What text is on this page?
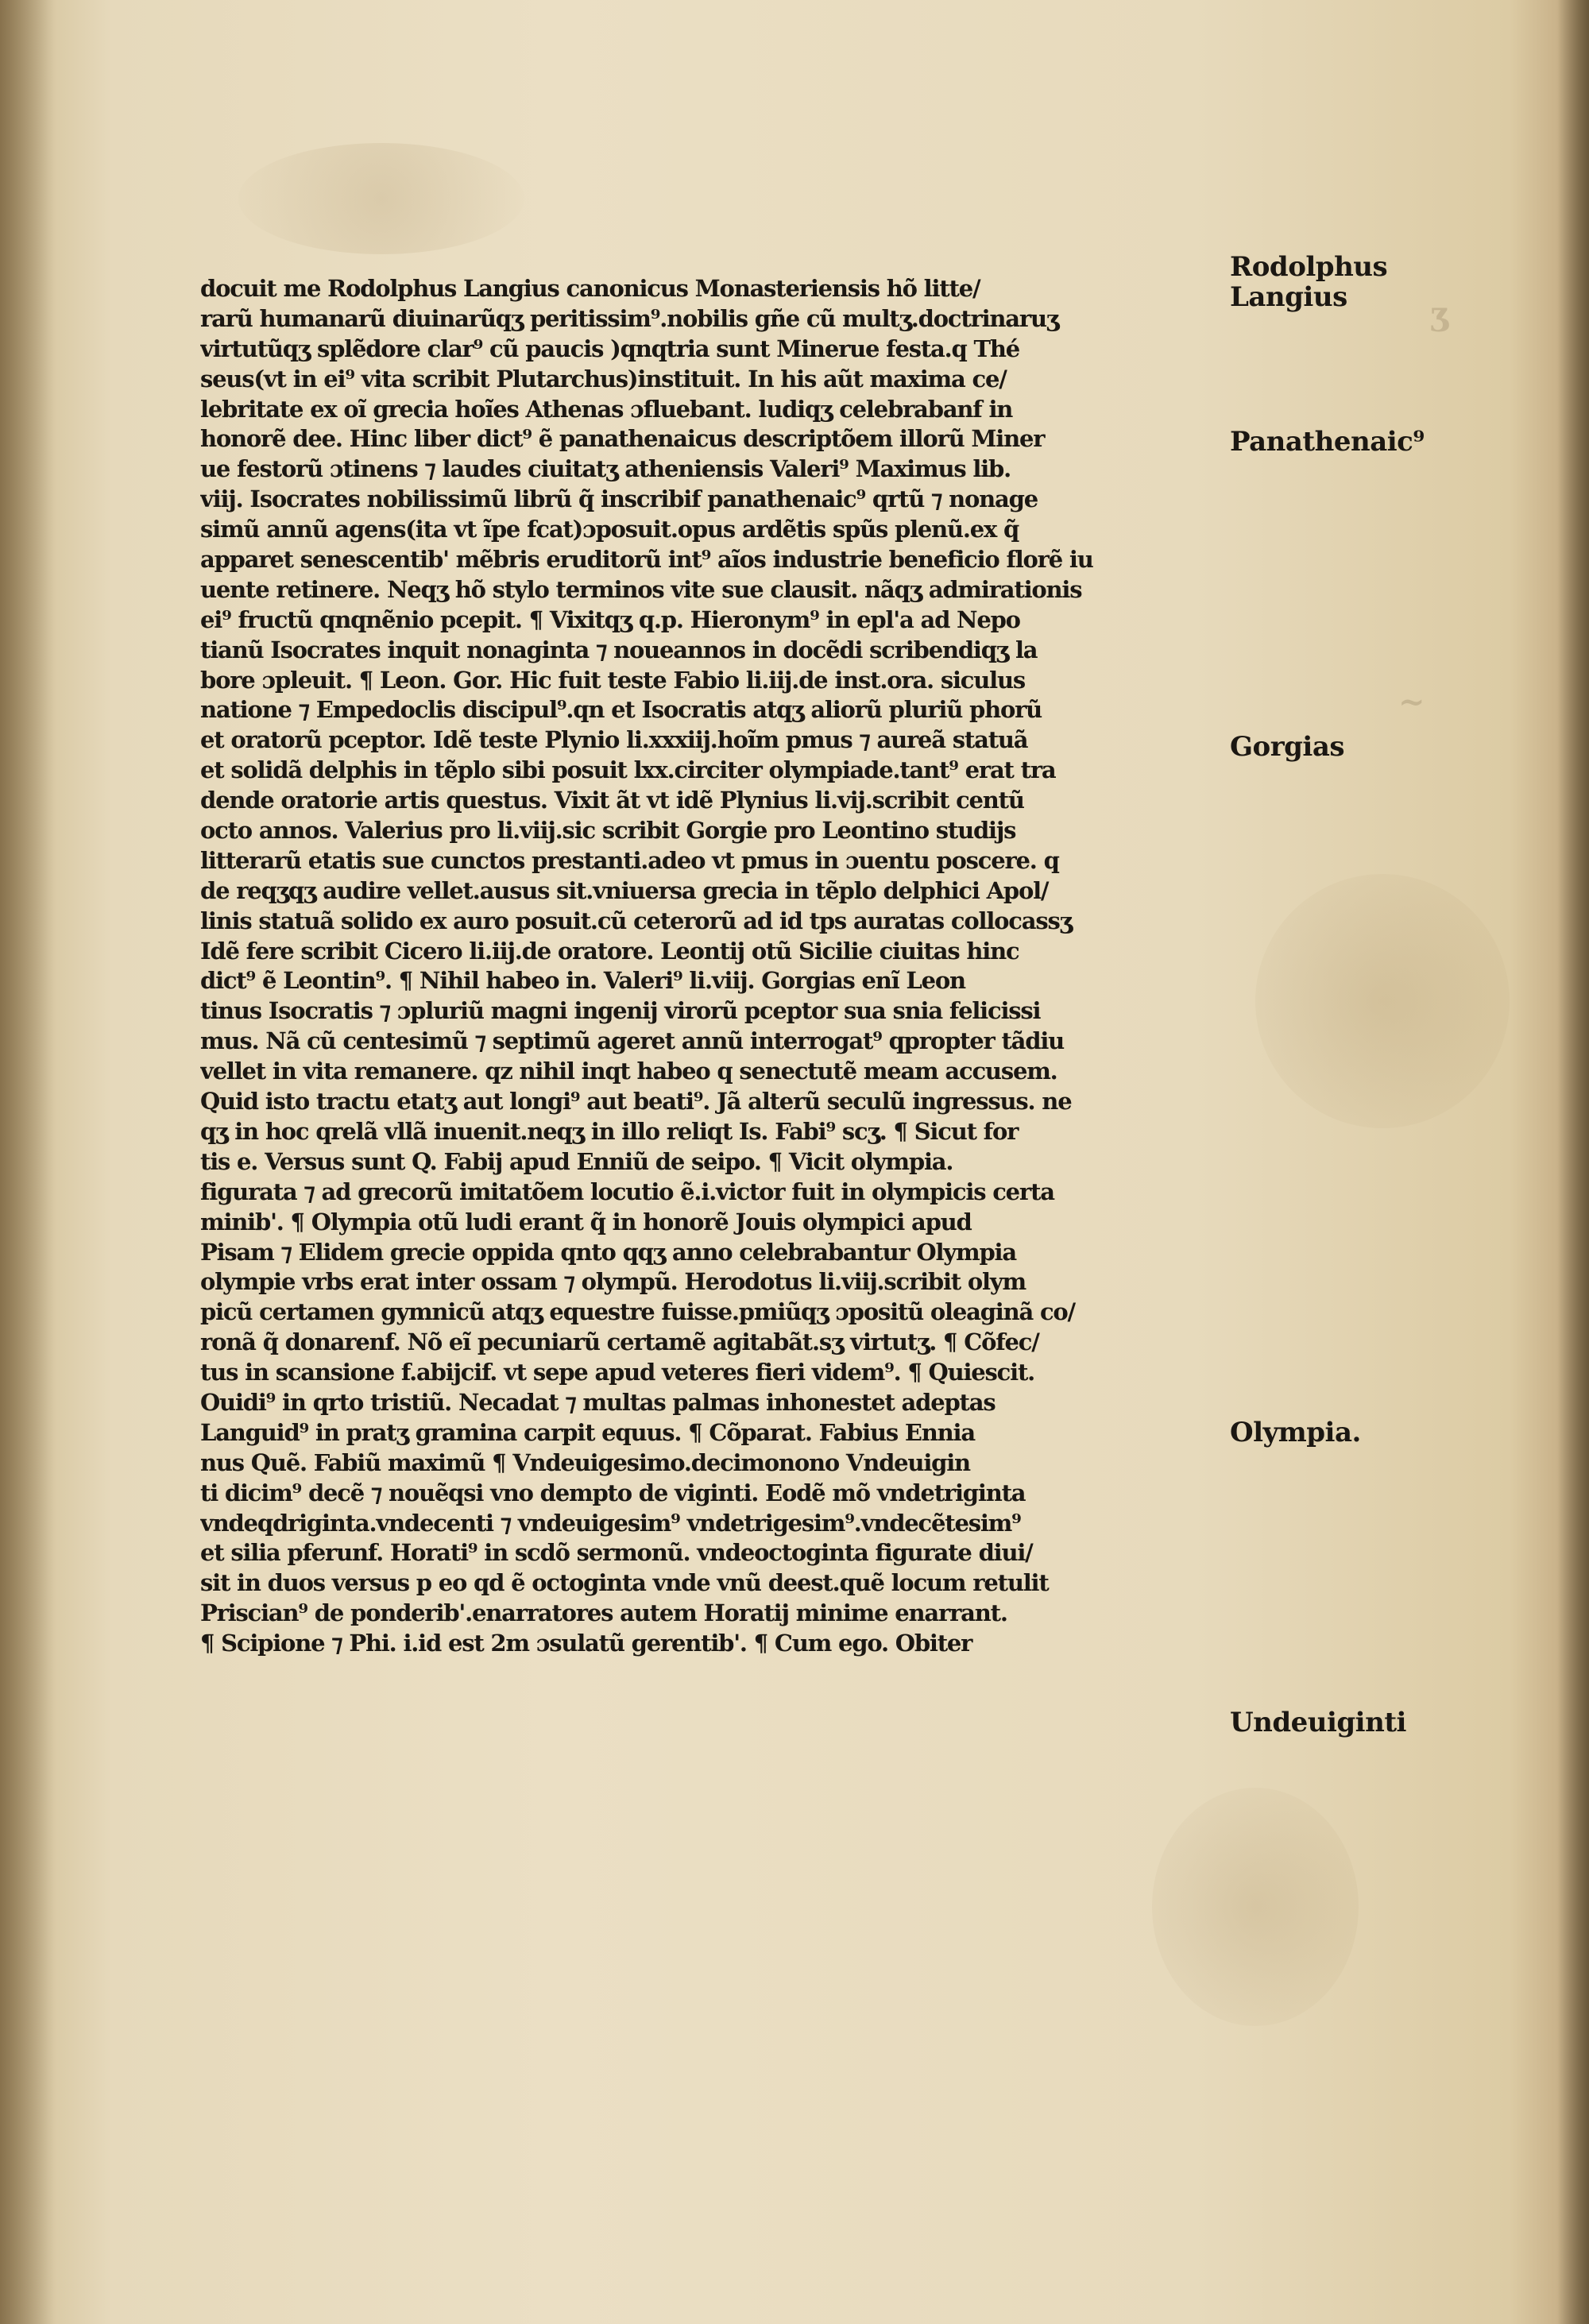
Ʒ
~
docuit me Rodolphus Langius canonicus Monasteriensis hõ litte/
rarũ humanarũ diuinarũqʒ peritissim⁹.nobilis gñe cũ multʒ.doctrinaruʒ
virtutũqʒ splẽdore clar⁹ cũ paucis )qnqtria sunt Minerue festa.q Thé
seus(vt in ei⁹ vita scribit Plutarchus)instituit. In his aũt maxima ce/
lebritate ex oĩ grecia hoĩes Athenas ɔfluebant. ludiqʒ celebrabanf in
honorẽ dee. Hinc liber dict⁹ ẽ panathenaicus descriptõem illorũ Miner
ue festorũ ɔtinens ⁊ laudes ciuitatʒ atheniensis Valeri⁹ Maximus lib.
viij. Isocrates nobilissimũ librũ q̃ inscribif panathenaic⁹ qrtũ ⁊ nonage
simũ annũ agens(ita vt ĩpe fcat)ɔposuit.opus ardẽtis spũs plenũ.ex q̃
apparet senescentib' mẽbris eruditorũ int⁹ aĩos industrie beneficio florẽ iu
uente retinere. Neqʒ hõ stylo terminos vite sue clausit. nãqʒ admirationis
ei⁹ fructũ qnqnẽnio pcepit. ¶ Vixitqʒ q.p. Hieronym⁹ in epl'a ad Nepo
tianũ Isocrates inquit nonaginta ⁊ noueannos in docẽdi scribendiqʒ la
bore ɔpleuit. ¶ Leon. Gor. Hic fuit teste Fabio li.iij.de inst.ora. siculus
natione ⁊ Empedoclis discipul⁹.qn et Isocratis atqʒ aliorũ pluriũ phorũ
et oratorũ pceptor. Idẽ teste Plynio li.xxxiij.hoĩm pmus ⁊ aureã statuã
et solidã delphis in tẽplo sibi posuit lxx.circiter olympiade.tant⁹ erat tra
dende oratorie artis questus. Vixit ãt vt idẽ Plynius li.vij.scribit centũ
octo annos. Valerius pro li.viij.sic scribit Gorgie pro Leontino studijs
litterarũ etatis sue cunctos prestanti.adeo vt pmus in ɔuentu poscere. q
de reqʒqʒ audire vellet.ausus sit.vniuersa grecia in tẽplo delphici Apol/
linis statuã solido ex auro posuit.cũ ceterorũ ad id tps auratas collocassʒ
Idẽ fere scribit Cicero li.iij.de oratore. Leontij otũ Sicilie ciuitas hinc
dict⁹ ẽ Leontin⁹. ¶ Nihil habeo in. Valeri⁹ li.viij. Gorgias enĩ Leon
tinus Isocratis ⁊ ɔpluriũ magni ingenij virorũ pceptor sua snia felicissi
mus. Nã cũ centesimũ ⁊ septimũ ageret annũ interrogat⁹ qpropter tãdiu
vellet in vita remanere. qz nihil inqt habeo q senectutẽ meam accusem.
Quid isto tractu etatʒ aut longi⁹ aut beati⁹. Jã alterũ seculũ ingressus. ne
qʒ in hoc qrelã vllã inuenit.neqʒ in illo reliqt Is. Fabi⁹ scʒ. ¶ Sicut for
tis e. Versus sunt Q. Fabij apud Enniũ de seipo. ¶ Vicit olympia.
figurata ⁊ ad grecorũ imitatõem locutio ẽ.i.victor fuit in olympicis certa
minib'. ¶ Olympia otũ ludi erant q̃ in honorẽ Jouis olympici apud
Pisam ⁊ Elidem grecie oppida qnto qqʒ anno celebrabantur Olympia
olympie vrbs erat inter ossam ⁊ olympũ. Herodotus li.viij.scribit olym
picũ certamen gymnicũ atqʒ equestre fuisse.pmiũqʒ ɔpositũ oleaginã co/
ronã q̃ donarenf. Nõ eĩ pecuniarũ certamẽ agitabãt.sʒ virtutʒ. ¶ Cõfec/
tus in scansione f.abijcif. vt sepe apud veteres fieri videm⁹. ¶ Quiescit.
Ouidi⁹ in qrto tristiũ. Necadat ⁊ multas palmas inhonestet adeptas
Languid⁹ in pratʒ gramina carpit equus. ¶ Cõparat. Fabius Ennia
nus Quẽ. Fabiũ maximũ ¶ Vndeuigesimo.decimonono Vndeuigin
ti dicim⁹ decẽ ⁊ nouẽqsi vno dempto de viginti. Eodẽ mõ vndetriginta
vndeqdriginta.vndecenti ⁊ vndeuigesim⁹ vndetrigesim⁹.vndecẽtesim⁹
et silia pferunf. Horati⁹ in scdõ sermonũ. vndeoctoginta figurate diui/
sit in duos versus p eo qd ẽ octoginta vnde vnũ deest.quẽ locum retulit
Priscian⁹ de ponderib'.enarratores autem Horatij minime enarrant.
¶ Scipione ⁊ Phi. i.id est 2m ɔsulatũ gerentib'. ¶ Cum ego. Obiter
Rodolphus
Langius
Panathenaic⁹
Gorgias
Olympia.
Undeuiginti
